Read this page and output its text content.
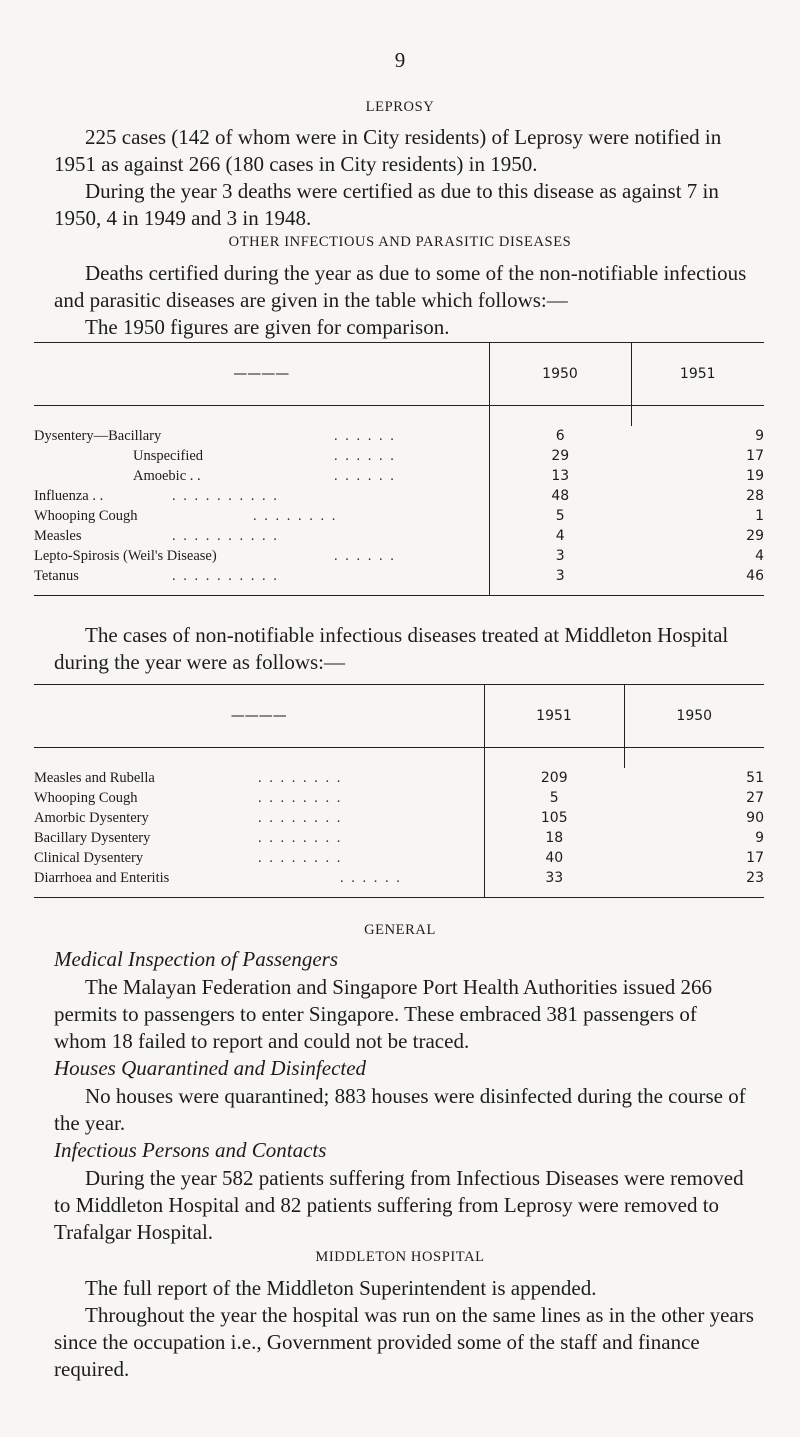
9
LEPROSY

225 cases (142 of whom were in City residents) of Leprosy were notified in 1951 as against 266 (180 cases in City residents) in 1950.

During the year 3 deaths were certified as due to this disease as against 7 in 1950, 4 in 1949 and 3 in 1948.

OTHER INFECTIOUS AND PARASITIC DISEASES

Deaths certified during the year as due to some of the non-notifiable infectious and parasitic diseases are given in the table which follows:—

The 1950 figures are given for comparison.

————	1950	1951

Dysentery—Bacillary . . . . . .	6	9
Unspecified . . . . . .	29	17
Amoebic . . . . . . . .	13	19
Influenza . . . . . . . . . . . .	48	28
Whooping Cough . . . . . . . .	5	1
Measles . . . . . . . . . .	4	29
Lepto-Spirosis (Weil's Disease) . . . . . .	3	4
Tetanus . . . . . . . . . .	3	46

The cases of non-notifiable infectious diseases treated at Middleton Hospital during the year were as follows:—

————	1951	1950

Measles and Rubella . . . . . . . .	209	51
Whooping Cough . . . . . . . .	5	27
Amorbic Dysentery . . . . . . . .	105	90
Bacillary Dysentery . . . . . . . .	18	9
Clinical Dysentery . . . . . . . .	40	17
Diarrhoea and Enteritis . . . . . .	33	23

GENERAL
Medical Inspection of Passengers

The Malayan Federation and Singapore Port Health Authorities issued 266 permits to passengers to enter Singapore. These embraced 381 passengers of whom 18 failed to report and could not be traced.

Houses Quarantined and Disinfected

No houses were quarantined; 883 houses were disinfected during the course of the year.

Infectious Persons and Contacts

During the year 582 patients suffering from Infectious Diseases were removed to Middleton Hospital and 82 patients suffering from Leprosy were removed to Trafalgar Hospital.

MIDDLETON HOSPITAL

The full report of the Middleton Superintendent is appended.

Throughout the year the hospital was run on the same lines as in the other years since the occupation i.e., Government provided some of the staff and finance required.
